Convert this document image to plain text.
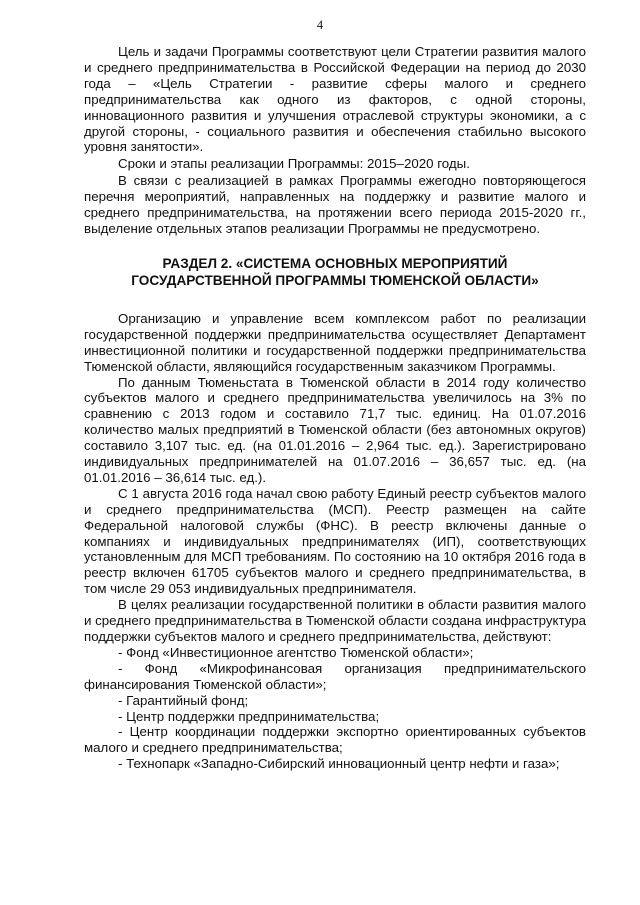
4

Цель и задачи Программы соответствуют цели Стратегии развития малого и среднего предпринимательства в Российской Федерации на период до 2030 года – «Цель Стратегии - развитие сферы малого и среднего предпринимательства как одного из факторов, с одной стороны, инновационного развития и улучшения отраслевой структуры экономики, а с другой стороны, - социального развития и обеспечения стабильно высокого уровня занятости».

Сроки и этапы реализации Программы: 2015–2020 годы.

В связи с реализацией в рамках Программы ежегодно повторяющегося перечня мероприятий, направленных на поддержку и развитие малого и среднего предпринимательства, на протяжении всего периода 2015-2020 гг., выделение отдельных этапов реализации Программы не предусмотрено.

РАЗДЕЛ 2. «СИСТЕМА ОСНОВНЫХ МЕРОПРИЯТИЙ
ГОСУДАРСТВЕННОЙ ПРОГРАММЫ ТЮМЕНСКОЙ ОБЛАСТИ»

Организацию и управление всем комплексом работ по реализации государственной поддержки предпринимательства осуществляет Департамент инвестиционной политики и государственной поддержки предпринимательства Тюменской области, являющийся государственным заказчиком Программы.

По данным Тюменьстата в Тюменской области в 2014 году количество субъектов малого и среднего предпринимательства увеличилось на 3% по сравнению с 2013 годом и составило 71,7 тыс. единиц. На 01.07.2016 количество малых предприятий в Тюменской области (без автономных округов) составило 3,107 тыс. ед. (на 01.01.2016 – 2,964 тыс. ед.). Зарегистрировано индивидуальных предпринимателей на 01.07.2016 – 36,657 тыс. ед. (на 01.01.2016 – 36,614 тыс. ед.).

С 1 августа 2016 года начал свою работу Единый реестр субъектов малого и среднего предпринимательства (МСП). Реестр размещен на сайте Федеральной налоговой службы (ФНС). В реестр включены данные о компаниях и индивидуальных предпринимателях (ИП), соответствующих установленным для МСП требованиям. По состоянию на 10 октября 2016 года в реестр включен 61705 субъектов малого и среднего предпринимательства, в том числе 29 053 индивидуальных предпринимателя.

В целях реализации государственной политики в области развития малого и среднего предпринимательства в Тюменской области создана инфраструктура поддержки субъектов малого и среднего предпринимательства, действуют:

- Фонд «Инвестиционное агентство Тюменской области»;

- Фонд «Микрофинансовая организация предпринимательского финансирования Тюменской области»;

- Гарантийный фонд;

- Центр поддержки предпринимательства;

- Центр координации поддержки экспортно ориентированных субъектов малого и среднего предпринимательства;

- Технопарк «Западно-Сибирский инновационный центр нефти и газа»;
